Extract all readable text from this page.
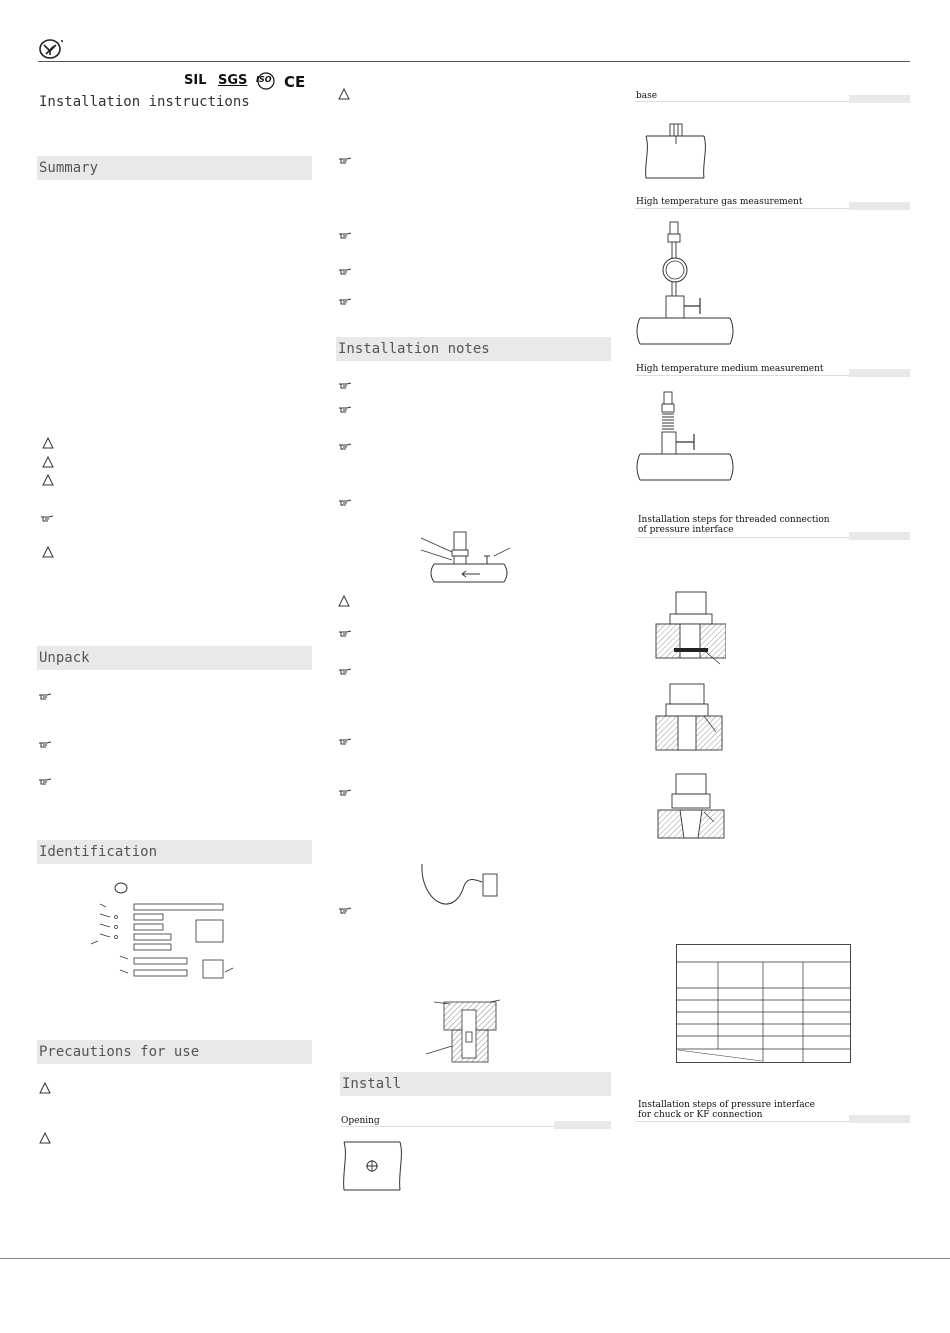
SIL SGS ISO CE
Installation instructions
Summary
Unpack
Identification
Precautions for use
Installation notes
Install
Opening
base
High temperature gas measurement
High temperature medium measurement
Installation steps for threaded connection
of pressure interface
Installation steps of pressure interface
for chuck or KF connection
